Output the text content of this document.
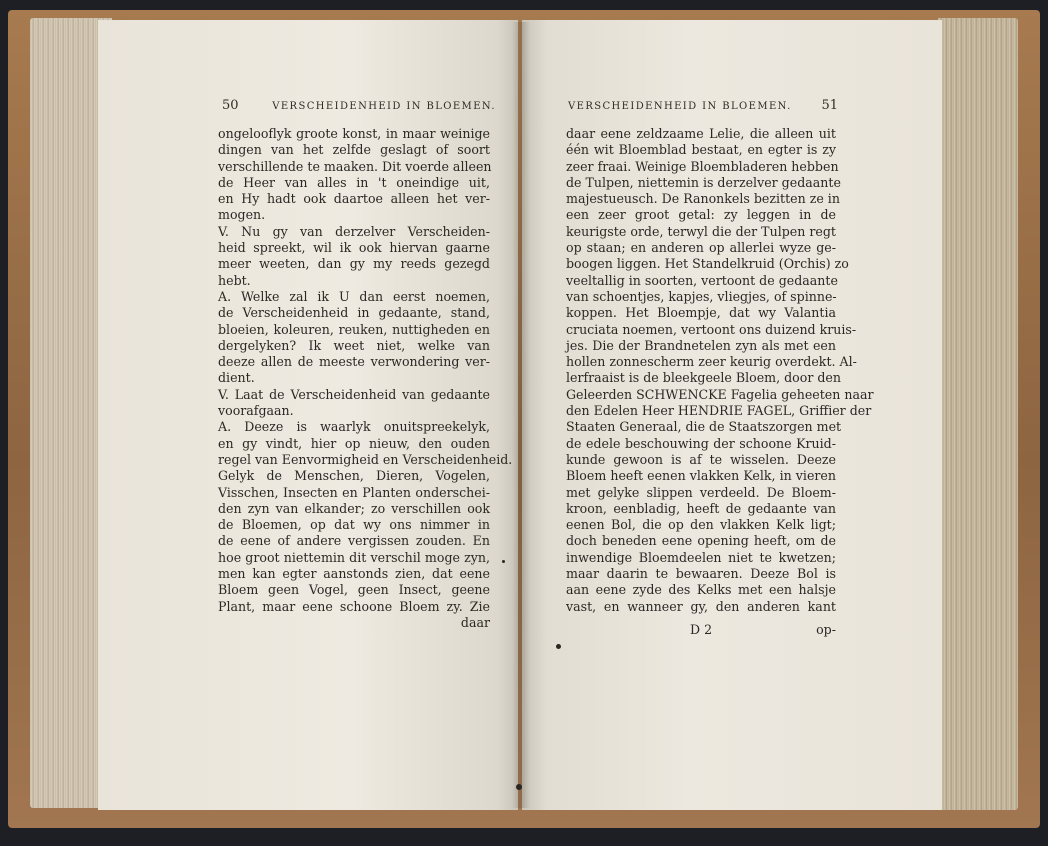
50	VERSCHEIDENHEID IN BLOEMEN.	VERSCHEIDENHEID IN BLOEMEN. 51
ongelooflyk groote konst, in maar weinige
dingen van het zelfde geslagt of soort
verschillende te maaken. Dit voerde alleen
de Heer van alles in 't oneindige uit,
en Hy hadt ook daartoe alleen het ver-
mogen.
V. Nu gy van derzelver Verscheiden-
heid spreekt, wil ik ook hiervan gaarne
meer weeten, dan gy my reeds gezegd
hebt.
A. Welke zal ik U dan eerst noemen,
de Verscheidenheid in gedaante, stand,
bloeien, koleuren, reuken, nuttigheden en
dergelyken? Ik weet niet, welke van
deeze allen de meeste verwondering ver-
dient.
V. Laat de Verscheidenheid van gedaante
voorafgaan.
A. Deeze is waarlyk onuitspreekelyk,
en gy vindt, hier op nieuw, den ouden
regel van Eenvormigheid en Verscheidenheid.
Gelyk de Menschen, Dieren, Vogelen,
Visschen, Insecten en Planten onderschei-
den zyn van elkander; zo verschillen ook
de Bloemen, op dat wy ons nimmer in
de eene of andere vergissen zouden. En
hoe groot niettemin dit verschil moge zyn,
men kan egter aanstonds zien, dat eene
Bloem geen Vogel, geen Insect, geene
Plant, maar eene schoone Bloem zy. Zie
daar
daar eene zeldzaame Lelie, die alleen uit
één wit Bloemblad bestaat, en egter is zy
zeer fraai. Weinige Bloembladeren hebben
de Tulpen, niettemin is derzelver gedaante
majestueusch. De Ranonkels bezitten ze in
een zeer groot getal: zy leggen in de
keurigste orde, terwyl die der Tulpen regt
op staan; en anderen op allerlei wyze ge-
boogen liggen. Het Standelkruid (Orchis) zo
veeltallig in soorten, vertoont de gedaante
van schoentjes, kapjes, vliegjes, of spinne-
koppen. Het Bloempje, dat wy Valantia
cruciata noemen, vertoont ons duizend kruis-
jes. Die der Brandnetelen zyn als met een
hollen zonnescherm zeer keurig overdekt. Al-
lerfraaist is de bleekgeele Bloem, door den
Geleerden SCHWENCKE Fagelia geheeten naar
den Edelen Heer HENDRIE FAGEL, Griffier der
Staaten Generaal, die de Staatszorgen met
de edele beschouwing der schoone Kruid-
kunde gewoon is af te wisselen. Deeze
Bloem heeft eenen vlakken Kelk, in vieren
met gelyke slippen verdeeld. De Bloem-
kroon, eenbladig, heeft de gedaante van
eenen Bol, die op den vlakken Kelk ligt;
doch beneden eene opening heeft, om de
inwendige Bloemdeelen niet te kwetzen;
maar daarin te bewaaren. Deeze Bol is
aan eene zyde des Kelks met een halsje
vast, en wanneer gy, den anderen kant
D 2	op-
